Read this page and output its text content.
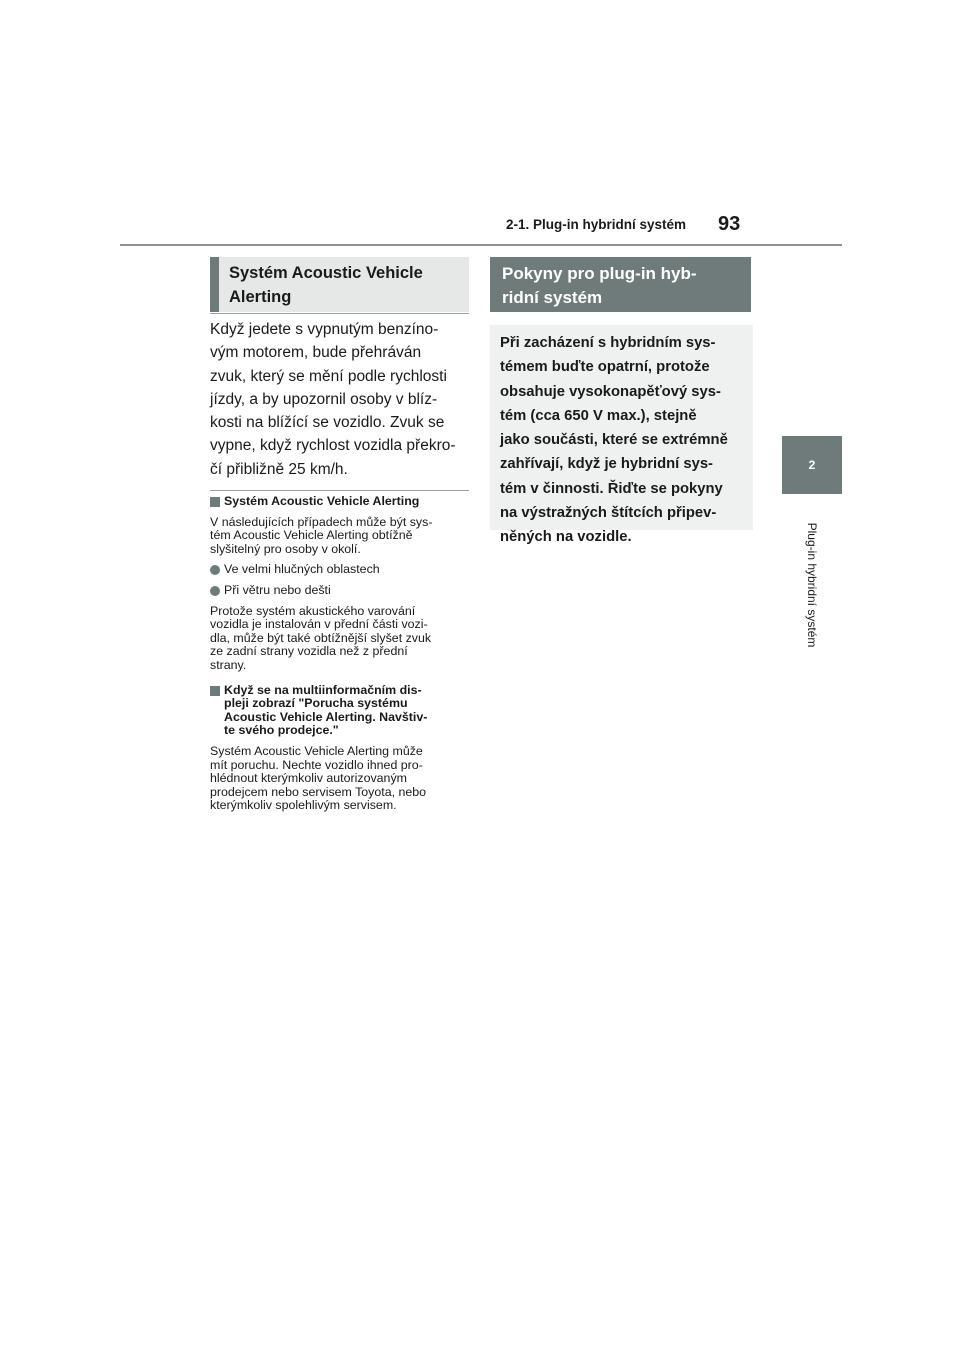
2-1. Plug-in hybridní systém 93
2
Plug-in hybridní systém
Systém Acoustic Vehicle
Alerting
Když jedete s vypnutým benzíno-
vým motorem, bude přehráván
zvuk, který se mění podle rychlosti
jízdy, a by upozornil osoby v blíz-
kosti na blížící se vozidlo. Zvuk se
vypne, když rychlost vozidla překro-
čí přibližně 25 km/h.
Systém Acoustic Vehicle Alerting
V následujících případech může být sys-
tém Acoustic Vehicle Alerting obtížně
slyšitelný pro osoby v okolí.
Ve velmi hlučných oblastech
Při větru nebo dešti
Protože systém akustického varování
vozidla je instalován v přední části vozi-
dla, může být také obtížnější slyšet zvuk
ze zadní strany vozidla než z přední
strany.
Když se na multiinformačním dis-
pleji zobrazí "Porucha systému
Acoustic Vehicle Alerting. Navštiv-
te svého prodejce."
Systém Acoustic Vehicle Alerting může
mít poruchu. Nechte vozidlo ihned pro-
hlédnout kterýmkoliv autorizovaným
prodejcem nebo servisem Toyota, nebo
kterýmkoliv spolehlivým servisem.
Pokyny pro plug-in hyb-
ridní systém
Při zacházení s hybridním sys-
témem buďte opatrní, protože
obsahuje vysokonapěťový sys-
tém (cca 650 V max.), stejně
jako součásti, které se extrémně
zahřívají, když je hybridní sys-
tém v činnosti. Řiďte se pokyny
na výstražných štítcích připev-
něných na vozidle.
